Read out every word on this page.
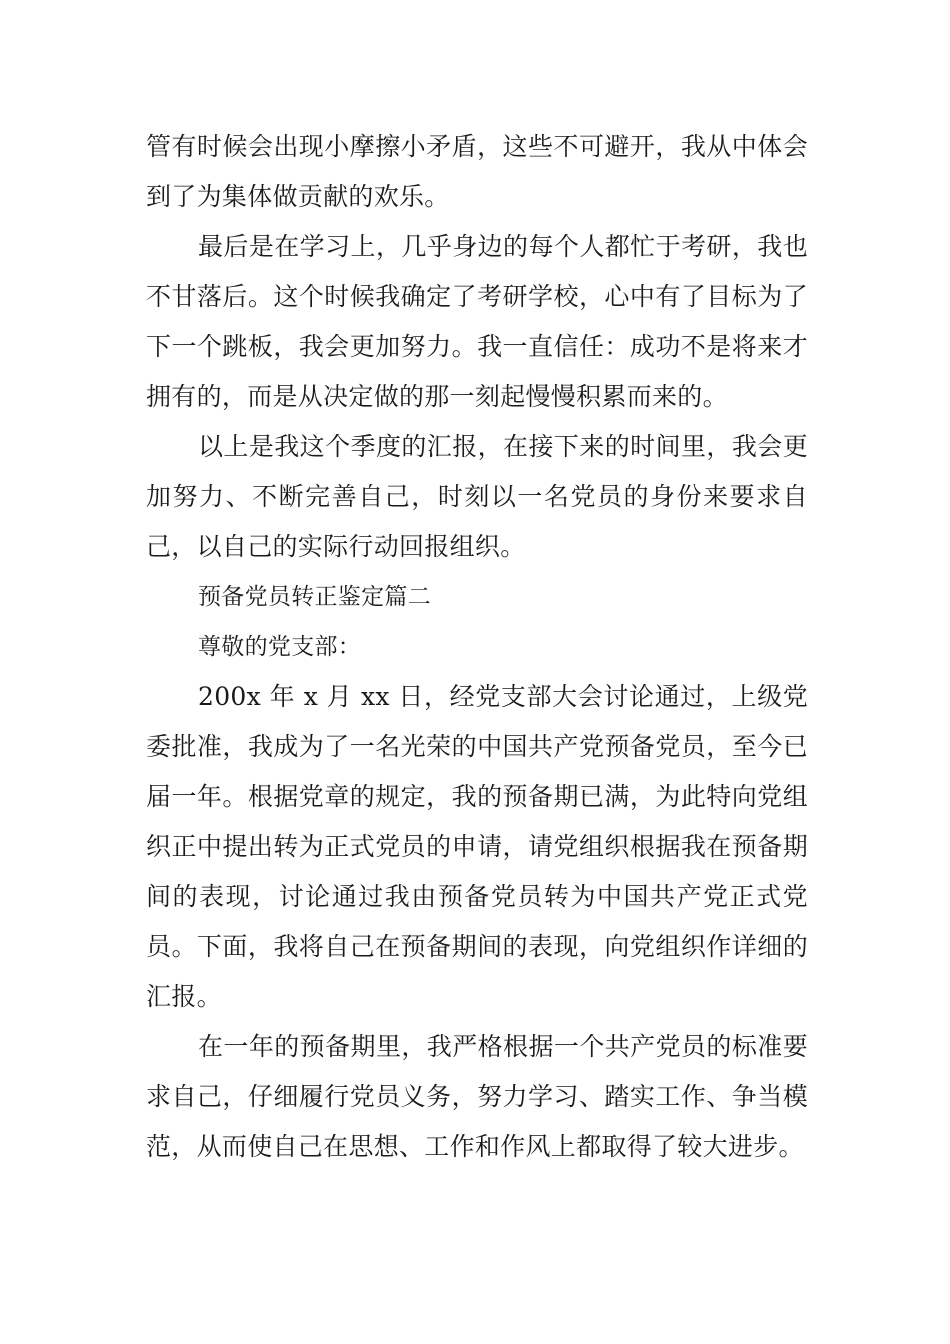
管有时候会出现小摩擦小矛盾，这些不可避开，我从中体会到了为集体做贡献的欢乐。

最后是在学习上，几乎身边的每个人都忙于考研，我也不甘落后。这个时候我确定了考研学校，心中有了目标为了下一个跳板，我会更加努力。我一直信任：成功不是将来才拥有的，而是从决定做的那一刻起慢慢积累而来的。

以上是我这个季度的汇报，在接下来的时间里，我会更加努力、不断完善自己，时刻以一名党员的身份来要求自己，以自己的实际行动回报组织。

预备党员转正鉴定篇二

尊敬的党支部：

200x 年 x 月 xx 日，经党支部大会讨论通过，上级党委批准，我成为了一名光荣的中国共产党预备党员，至今已届一年。根据党章的规定，我的预备期已满，为此特向党组织正中提出转为正式党员的申请，请党组织根据我在预备期间的表现，讨论通过我由预备党员转为中国共产党正式党员。下面，我将自己在预备期间的表现，向党组织作详细的汇报。

在一年的预备期里，我严格根据一个共产党员的标准要求自己，仔细履行党员义务，努力学习、踏实工作、争当模范，从而使自己在思想、工作和作风上都取得了较大进步。
